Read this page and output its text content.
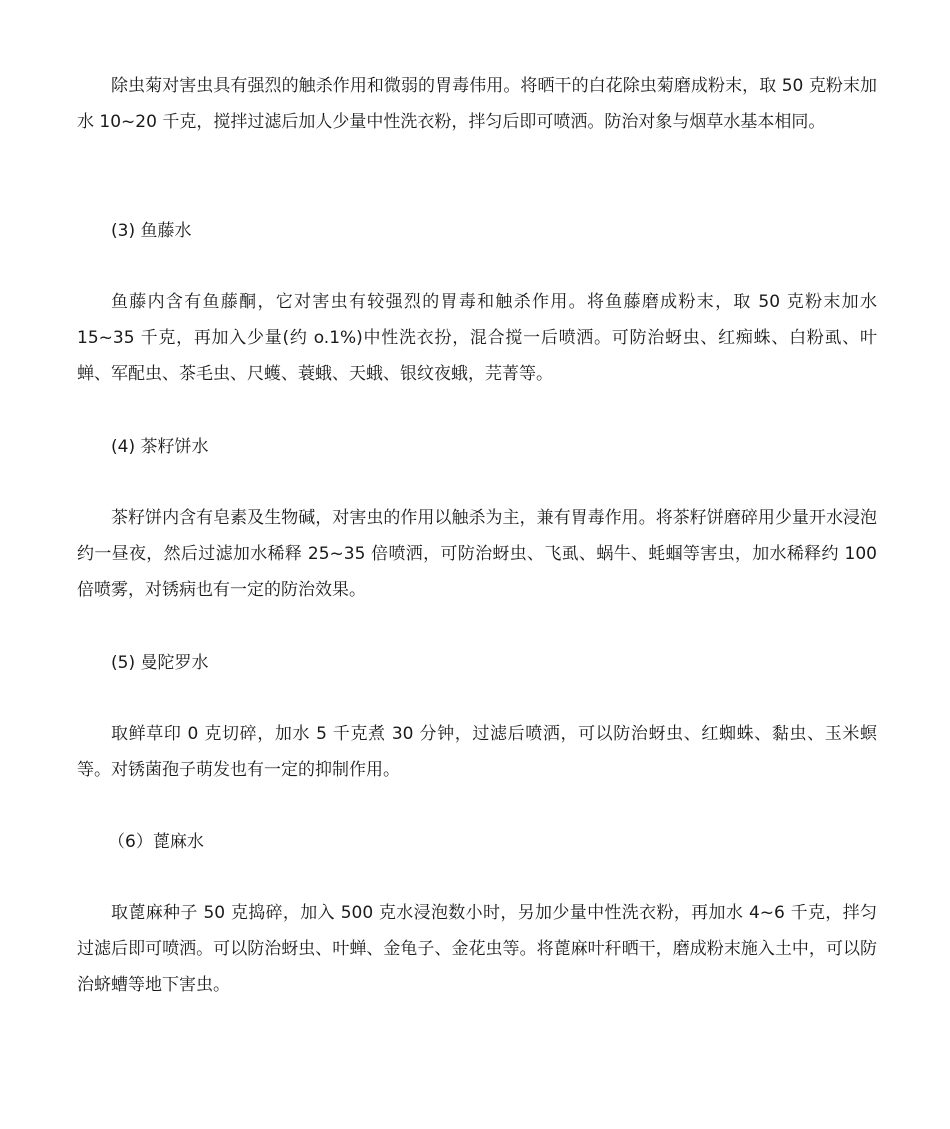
除虫菊对害虫具有强烈的触杀作用和微弱的胃毒伟用。将晒干的白花除虫菊磨成粉末，取 50 克粉末加水 10~20 千克，搅拌过滤后加人少量中性洗衣粉，拌匀后即可喷洒。防治对象与烟草水基本相同。

(3) 鱼藤水

鱼藤内含有鱼藤酮，它对害虫有较强烈的胃毒和触杀作用。将鱼藤磨成粉末，取 50 克粉末加水 15~35 千克，再加入少量(约 o.1%)中性洗衣扮，混合搅一后喷洒。可防治蚜虫、红痴蛛、白粉虱、叶蝉、军配虫、茶毛虫、尺蠖、蓑蛾、天蛾、银纹夜蛾，芫菁等。

(4) 茶籽饼水

茶籽饼内含有皂素及生物碱，对害虫的作用以触杀为主，兼有胃毒作用。将茶籽饼磨碎用少量开水浸泡约一昼夜，然后过滤加水稀释 25~35 倍喷洒，可防治蚜虫、飞虱、蜗牛、蚝蝈等害虫，加水稀释约 100 倍喷雾，对锈病也有一定的防治效果。

(5) 曼陀罗水

取鲜草印 0 克切碎，加水 5 千克煮 30 分钟，过滤后喷洒，可以防治蚜虫、红蜘蛛、黏虫、玉米螟等。对锈菌孢子萌发也有一定的抑制作用。

（6）蓖麻水

取蓖麻种子 50 克捣碎，加入 500 克水浸泡数小时，另加少量中性洗衣粉，再加水 4~6 千克，拌匀过滤后即可喷洒。可以防治蚜虫、叶蝉、金龟子、金花虫等。将蓖麻叶秆晒干，磨成粉末施入土中，可以防治蛴螬等地下害虫。
